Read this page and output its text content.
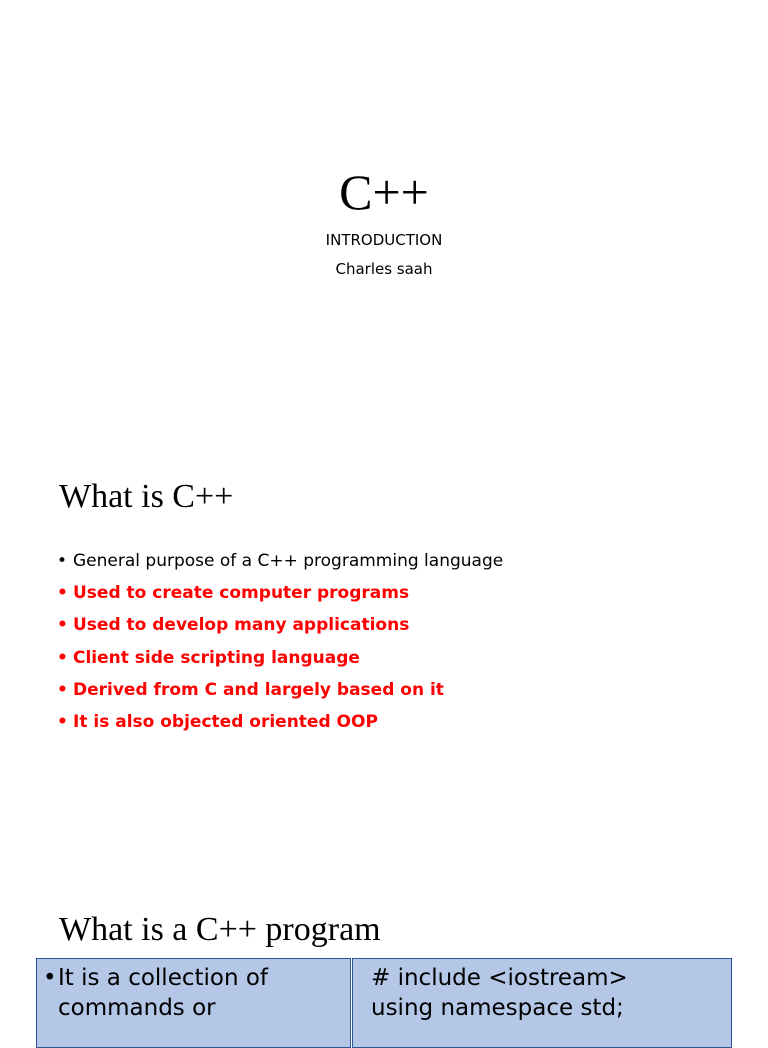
C++
INTRODUCTION
Charles saah
What is C++
• General purpose of a C++ programming language
• Used to create computer programs
• Used to develop many applications
• Client side scripting language
• Derived from C and largely based on it
• It is also objected oriented OOP
What is a C++ program
• It is a collection of
commands or
# include <iostream>
using namespace std;
